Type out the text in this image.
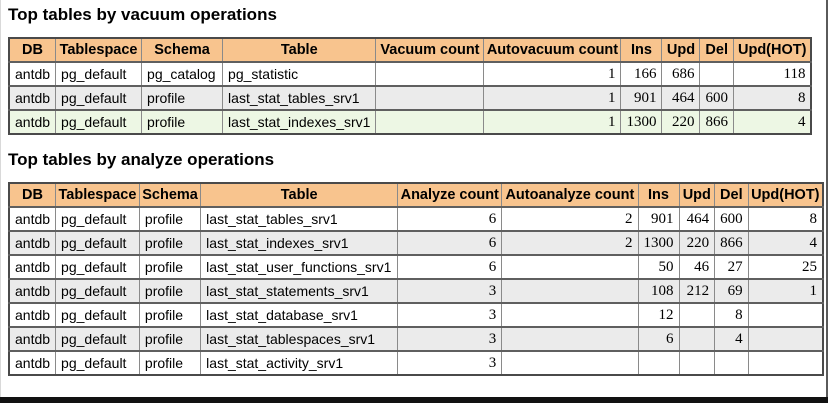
Top tables by vacuum operations
DB	Tablespace	Schema	Table	Vacuum count	Autovacuum count	Ins	Upd	Del	Upd(HOT)
antdb	pg_default	pg_catalog	pg_statistic		1	166	686		118
antdb	pg_default	profile	last_stat_tables_srv1		1	901	464	600	8
antdb	pg_default	profile	last_stat_indexes_srv1		1	1300	220	866	4
Top tables by analyze operations
DB	Tablespace	Schema	Table	Analyze count	Autoanalyze count	Ins	Upd	Del	Upd(HOT)
antdb	pg_default	profile	last_stat_tables_srv1	6	2	901	464	600	8
antdb	pg_default	profile	last_stat_indexes_srv1	6	2	1300	220	866	4
antdb	pg_default	profile	last_stat_user_functions_srv1	6		50	46	27	25
antdb	pg_default	profile	last_stat_statements_srv1	3		108	212	69	1
antdb	pg_default	profile	last_stat_database_srv1	3		12		8	
antdb	pg_default	profile	last_stat_tablespaces_srv1	3		6		4	
antdb	pg_default	profile	last_stat_activity_srv1	3					
